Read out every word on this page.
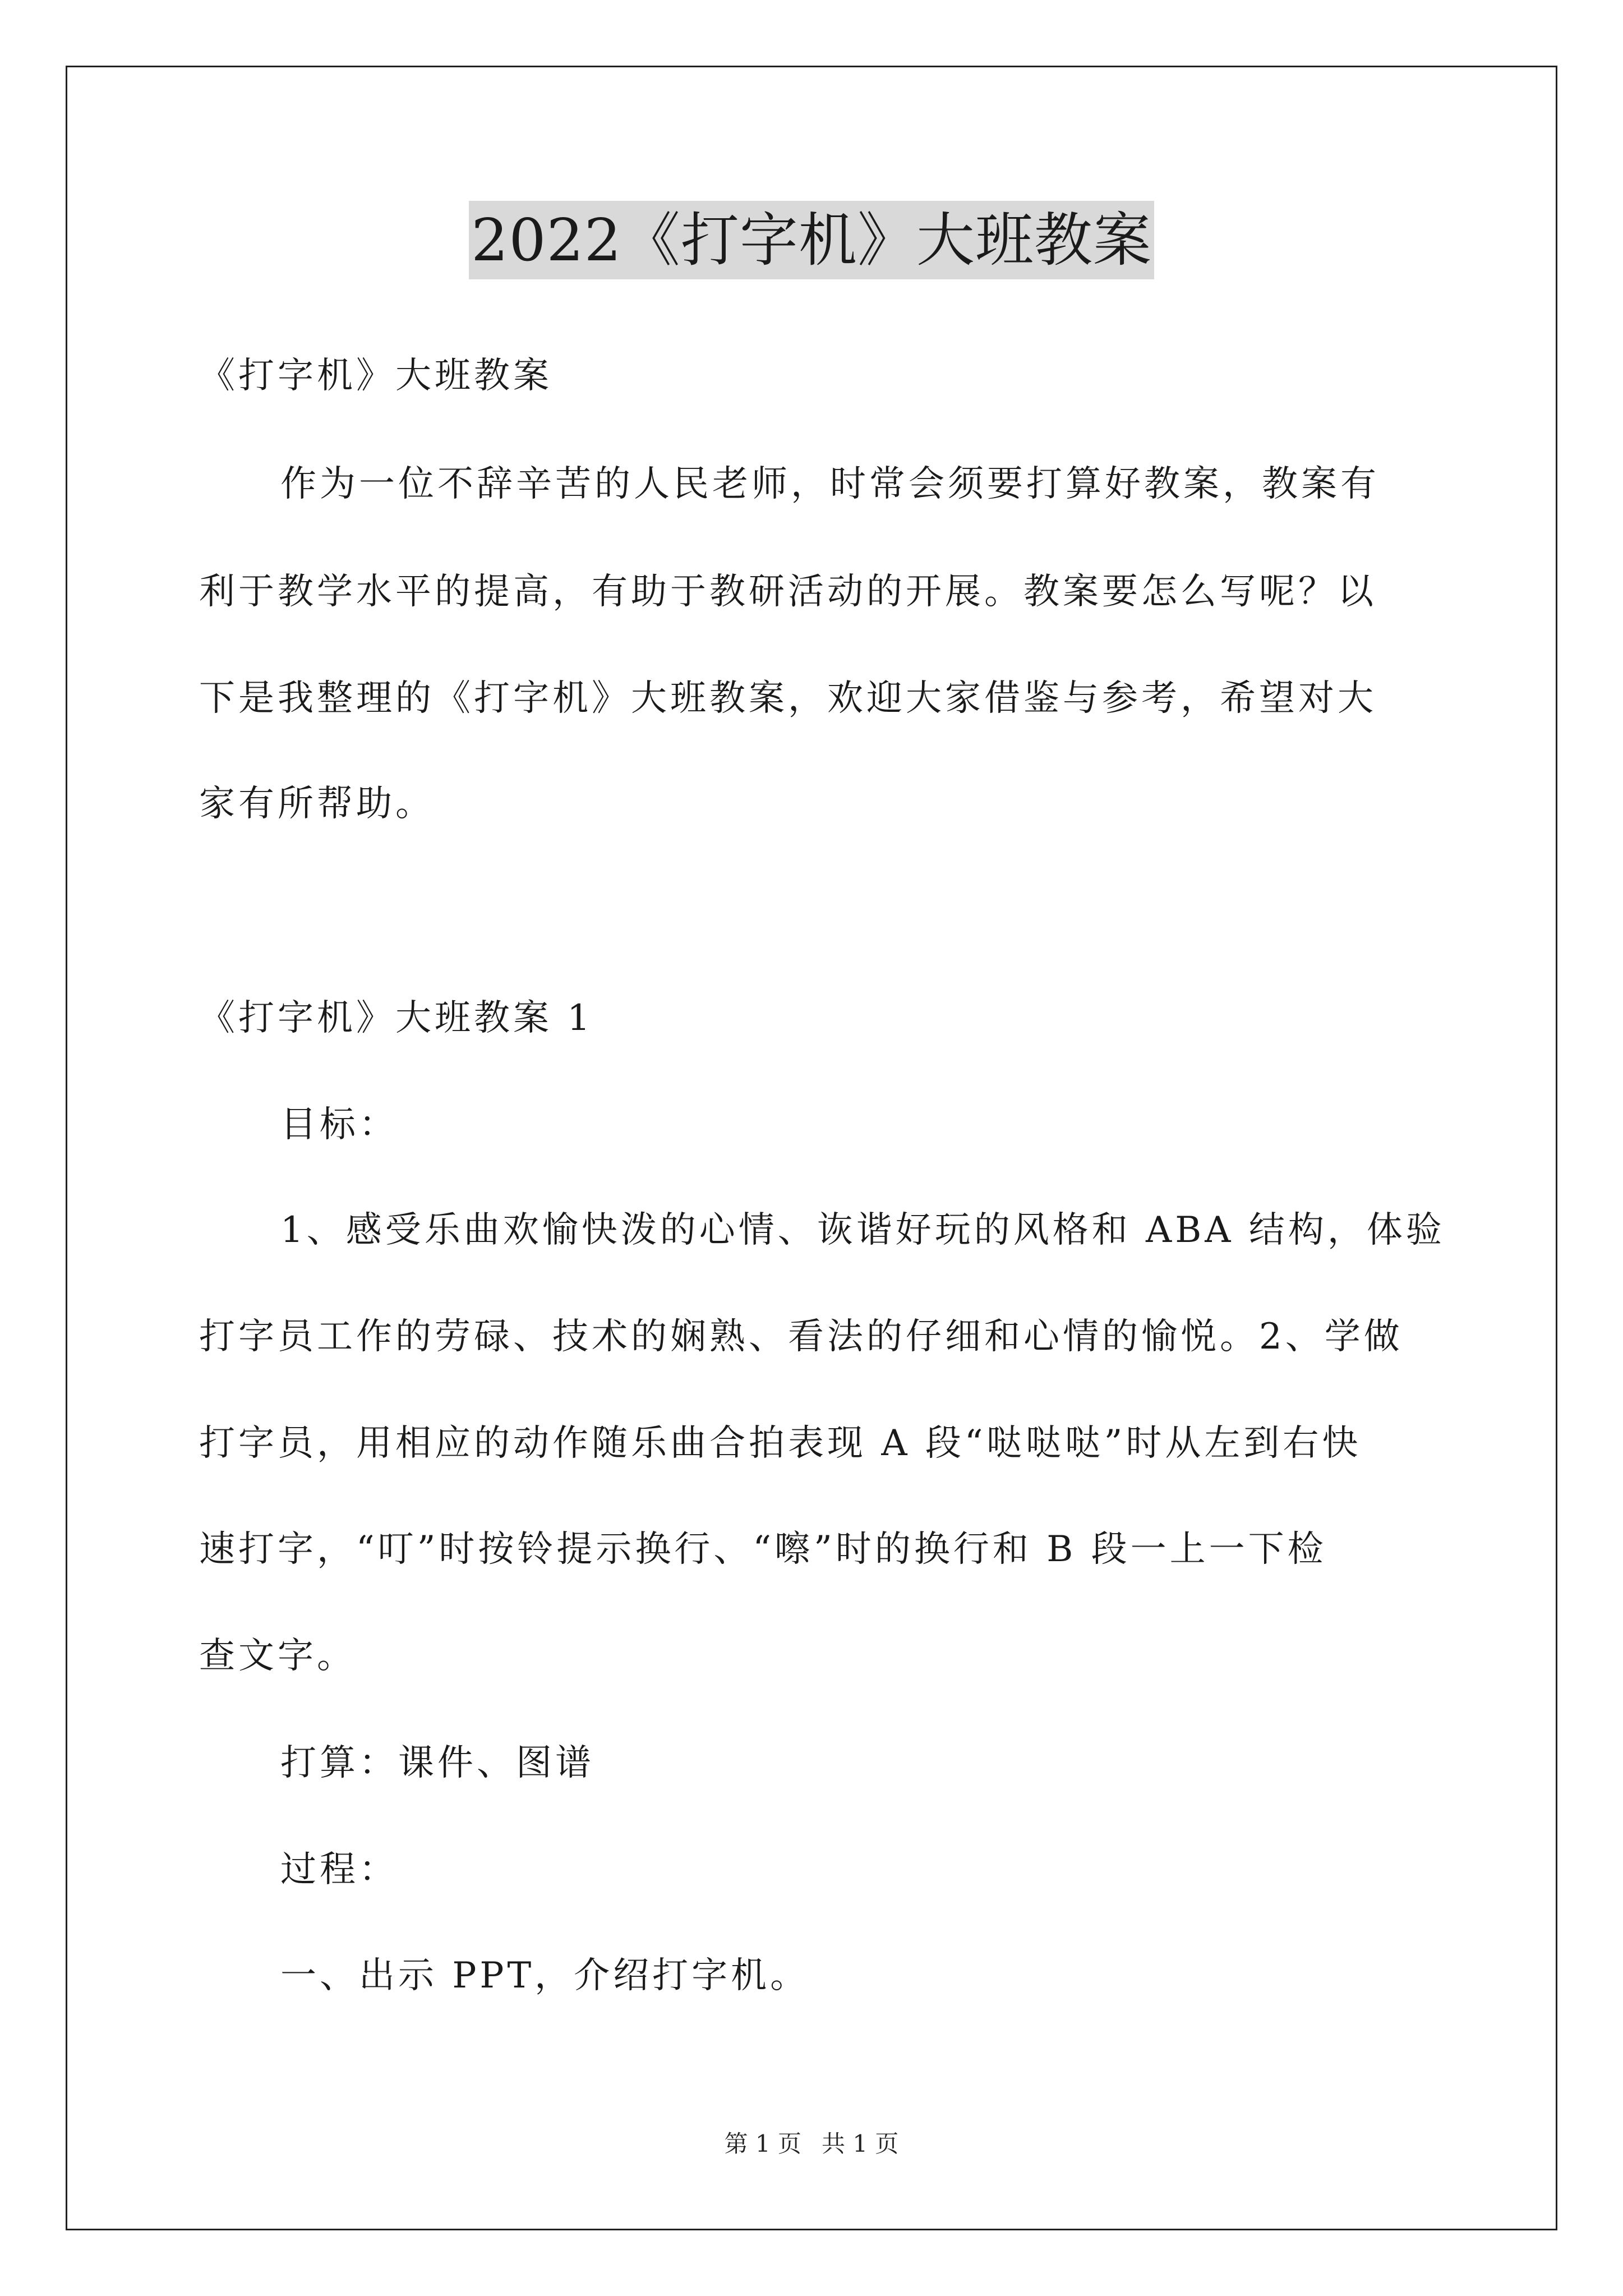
2022《打字机》大班教案
《打字机》大班教案
作为一位不辞辛苦的人民老师，时常会须要打算好教案，教案有
利于教学水平的提高，有助于教研活动的开展。教案要怎么写呢？以
下是我整理的《打字机》大班教案，欢迎大家借鉴与参考，希望对大
家有所帮助。
《打字机》大班教案 1
目标：
1、感受乐曲欢愉快泼的心情、诙谐好玩的风格和 ABA 结构，体验
打字员工作的劳碌、技术的娴熟、看法的仔细和心情的愉悦。2、学做
打字员，用相应的动作随乐曲合拍表现 A 段“哒哒哒”时从左到右快
速打字，“叮”时按铃提示换行、“嚓”时的换行和 B 段一上一下检
查文字。
打算：课件、图谱
过程：
一、出示 PPT，介绍打字机。
第 1 页 共 1 页
